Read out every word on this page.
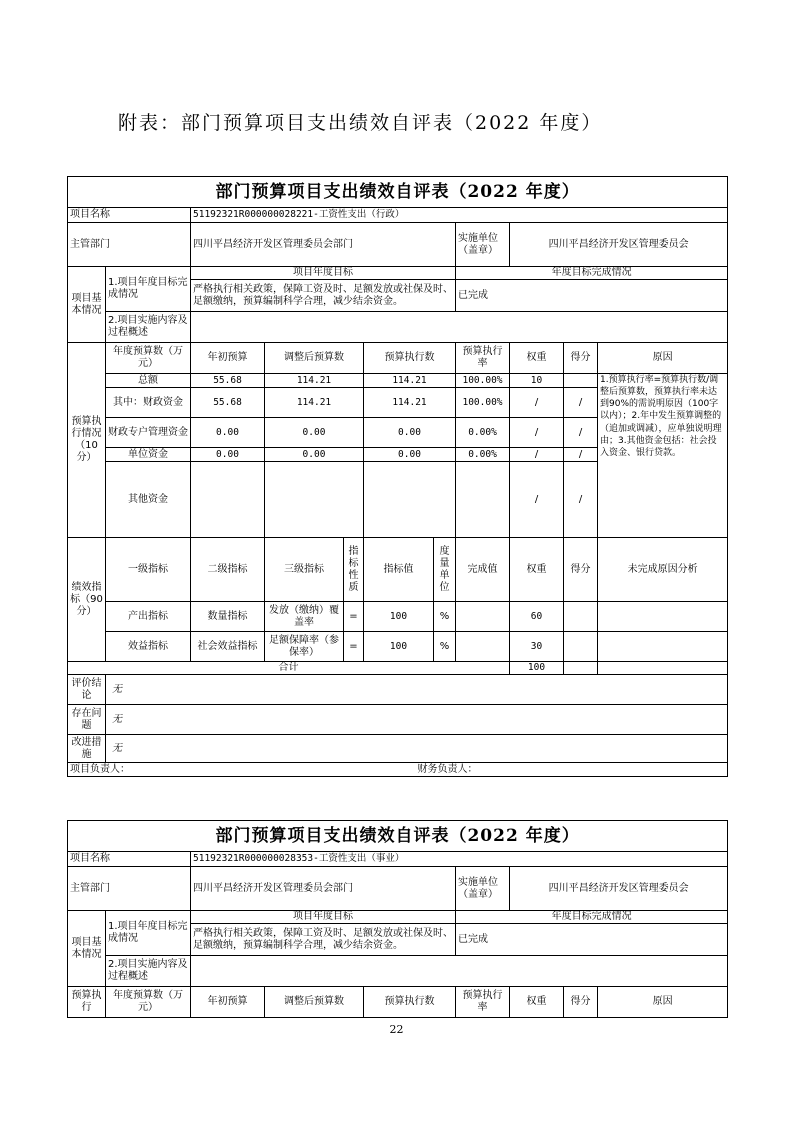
附表：部门预算项目支出绩效自评表（2022 年度）
部门预算项目支出绩效自评表（2022 年度）											
项目名称		51192321R000000028221-工资性支出（行政）									
主管部门		四川平昌经济开发区管理委员会部门						实施单位（盖章）	四川平昌经济开发区管理委员会		
项目基本情况	1.项目年度目标完成情况	项目年度目标						年度目标完成情况			
		严格执行相关政策，保障工资及时、足额发放或社保及时、足额缴纳，预算编制科学合理，减少结余资金。						已完成			
	2.项目实施内容及过程概述										
预算执行情况（10分）	年度预算数（万元）	年初预算	调整后预算数		预算执行数			预算执行率	权重	得分	原因
	总额	55.68	114.21		114.21			100.00%	10		1.预算执行率=预算执行数/调整后预算数，预算执行率未达到90%的需说明原因（100字以内）；2.年中发生预算调整的（追加或调减），应单独说明理由；3.其他资金包括：社会投入资金、银行贷款。
	其中：财政资金	55.68	114.21		114.21			100.00%	/	/	
	财政专户管理资金	0.00	0.00		0.00			0.00%	/	/	
	单位资金	0.00	0.00		0.00			0.00%	/	/	
	其他资金								/	/	
绩效指标（90分）	一级指标	二级指标	三级指标	指标性质	指标值		度量单位	完成值	权重	得分	未完成原因分析
	产出指标	数量指标	发放（缴纳）覆盖率	=	100		%		60		
	效益指标	社会效益指标	足额保障率（参保率）	=	100		%		30		
合计									100		
评价结论	无										
存在问题	无										
改进措施	无										
项目负责人：						财务负责人：					
部门预算项目支出绩效自评表（2022 年度）								
项目名称		51192321R000000028353-工资性支出（事业）						
主管部门		四川平昌经济开发区管理委员会部门			实施单位（盖章）	四川平昌经济开发区管理委员会		
项目基本情况	1.项目年度目标完成情况	项目年度目标			年度目标完成情况			
		严格执行相关政策，保障工资及时、足额发放或社保及时、足额缴纳，预算编制科学合理，减少结余资金。			已完成			
	2.项目实施内容及过程概述							
预算执行	年度预算数（万元）	年初预算	调整后预算数	预算执行数	预算执行率	权重	得分	原因
22
